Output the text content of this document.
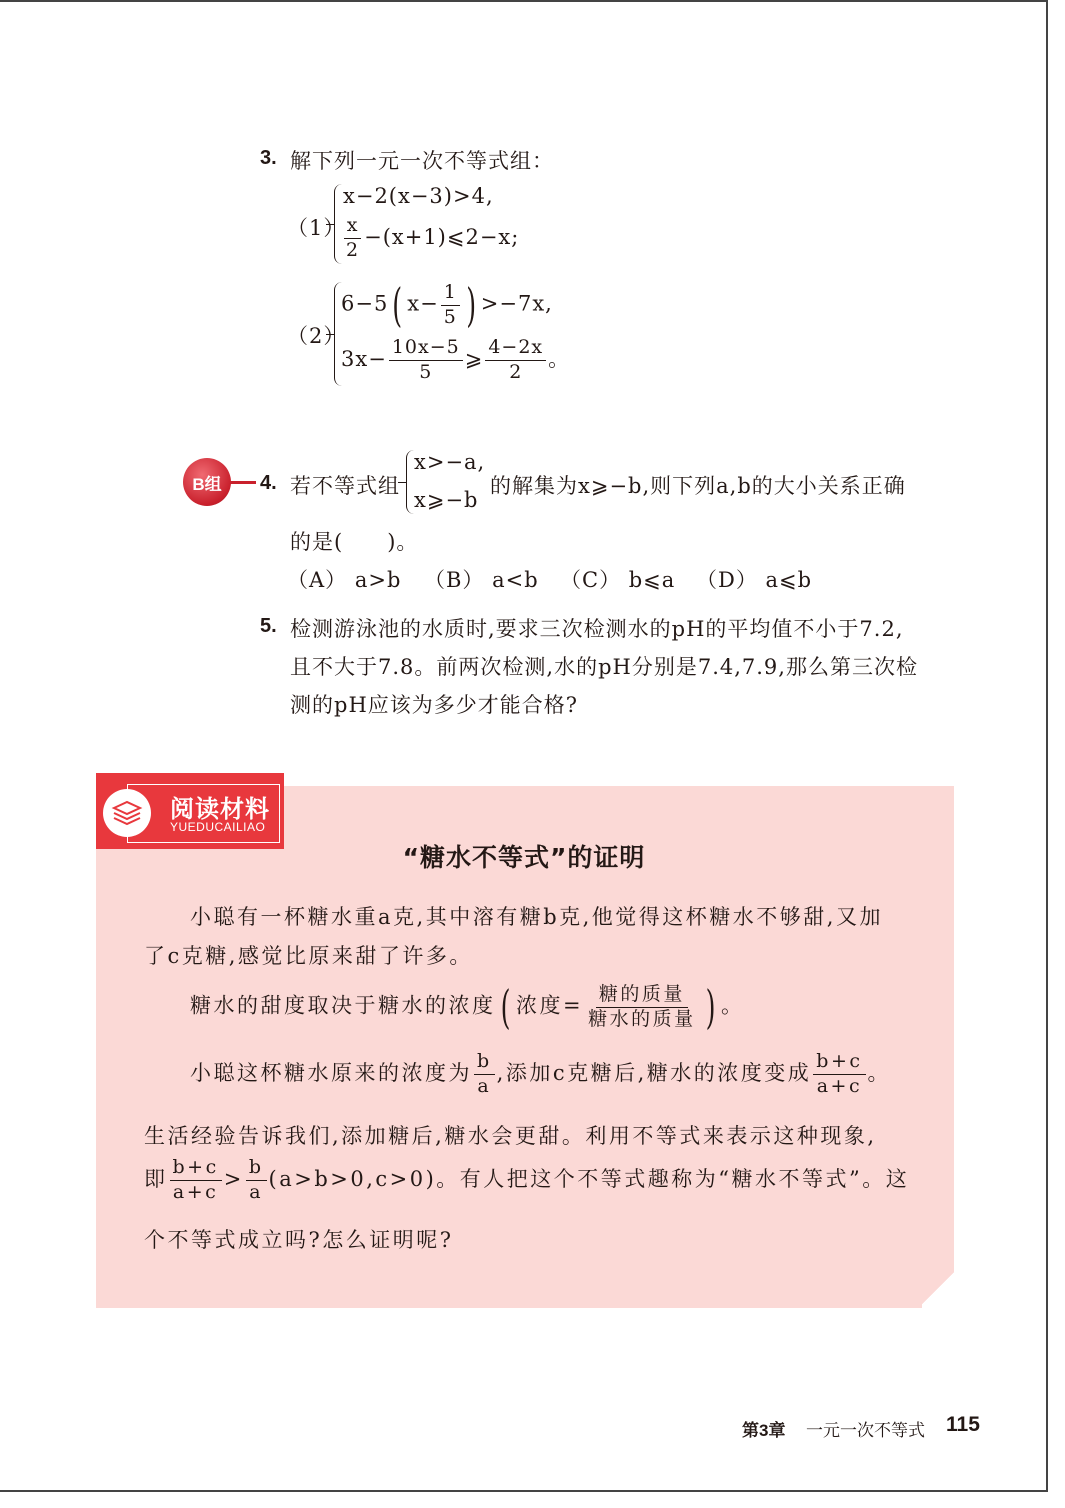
3. 解下列一元一次不等式组：
（1）
x−2(x−3)>4,
$\frac{x}{2}$ −(x+1)⩽2−x;
（2）
6−5( $x- \frac{1}{5}$ ) >−7x,
$3x- \frac{10x-5}{5}$ ⩾ $\frac{4-2x}{2}$ 。
B组	4. 若不等式组
x>−a,
x⩾−b
的解集为x⩾−b,则下列a,b的大小关系正确
的是(　　)。
（A） a>b （B） a<b （C） b⩽a （D） a⩽b
5. 检测游泳池的水质时,要求三次检测水的pH的平均值不小于7.2,
且不大于7.8。前两次检测,水的pH分别是7.4,7.9,那么第三次检
测的pH应该为多少才能合格?
阅读材料
YUEDUCAILIAO
“糖水不等式”的证明
小聪有一杯糖水重a克,其中溶有糖b克,他觉得这杯糖水不够甜,又加
了c克糖,感觉比原来甜了许多。
糖水的甜度取决于糖水的浓度 ( 浓度= $\frac{\text{糖的质量}}{\text{糖水的质量}}$ ) 。
小聪这杯糖水原来的浓度为 $\frac{b}{a}$ ,添加c克糖后,糖水的浓度变成 $\frac{b+c}{a+c}$ 。
生活经验告诉我们,添加糖后,糖水会更甜。利用不等式来表示这种现象,
即 $\frac{b+c}{a+c} > \frac{b}{a} (a>b>0,c>0)$。有人把这个不等式趣称为“糖水不等式”。这
个不等式成立吗?怎么证明呢?
第3章 一元一次不等式 115
